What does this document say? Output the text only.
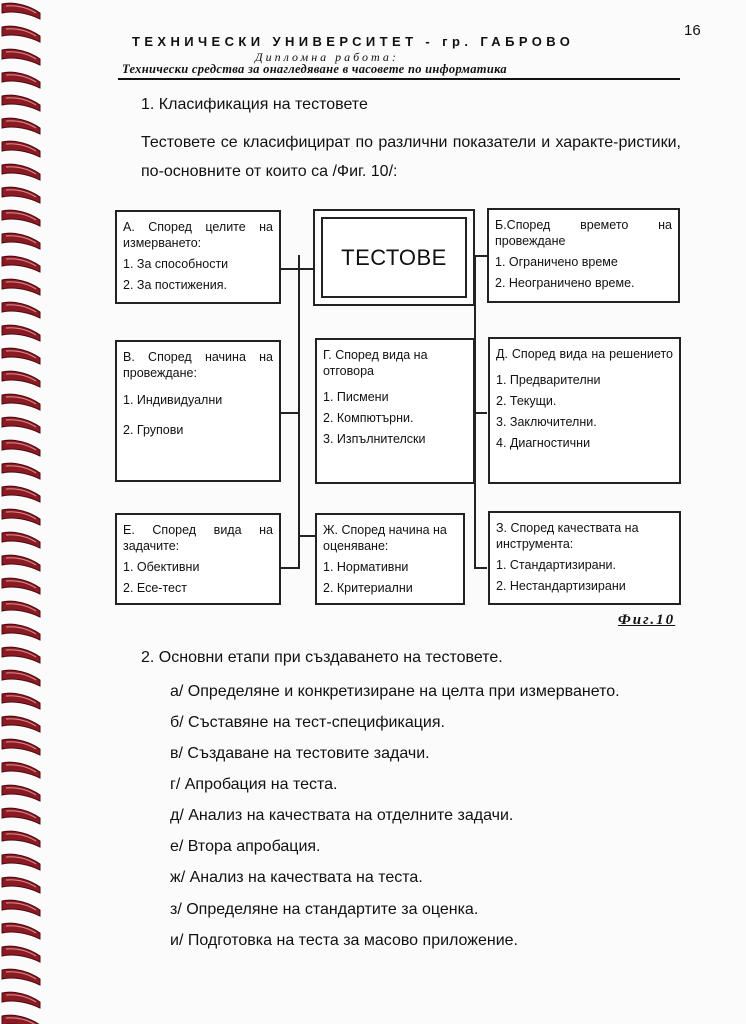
16
ТЕХНИЧЕСКИ УНИВЕРСИТЕТ - гр. ГАБРОВО
Дипломна работа:
Технически средства за онагледяване в часовете по информатика
1. Класификация на тестовете
Тестовете се класифицират по различни показатели и характе-ристики, по-основните от които са /Фиг. 10/:
ТЕСТОВЕ
А. Според целите на измерването:
1. За способности
2. За постижения.
Б.Според времето на провеждане
1. Ограничено време
2. Неограничено време.
В. Според начина на провеждане:
1. Индивидуални
2. Групови
Г. Според вида на отговора
1. Писмени
2. Компютърни.
3. Изпълнителски
Д. Според вида на решението
1. Предварителни
2. Текущи.
3. Заключителни.
4. Диагностични
Е. Според вида на задачите:
1. Обективни
2. Есе-тест
Ж. Според начина на оценяване:
1. Нормативни
2. Критериални
З. Според качествата на инструмента:
1. Стандартизирани.
2. Нестандартизирани
Фиг.10
2. Основни етапи при създаването на тестовете.
а/ Определяне и конкретизиране на целта при измерването.
б/ Съставяне на тест-спецификация.
в/ Създаване на тестовите задачи.
г/ Апробация на теста.
д/ Анализ на качествата на отделните задачи.
е/ Втора апробация.
ж/ Анализ на качествата на теста.
з/ Определяне на стандартите за оценка.
и/ Подготовка на теста за масово приложение.
